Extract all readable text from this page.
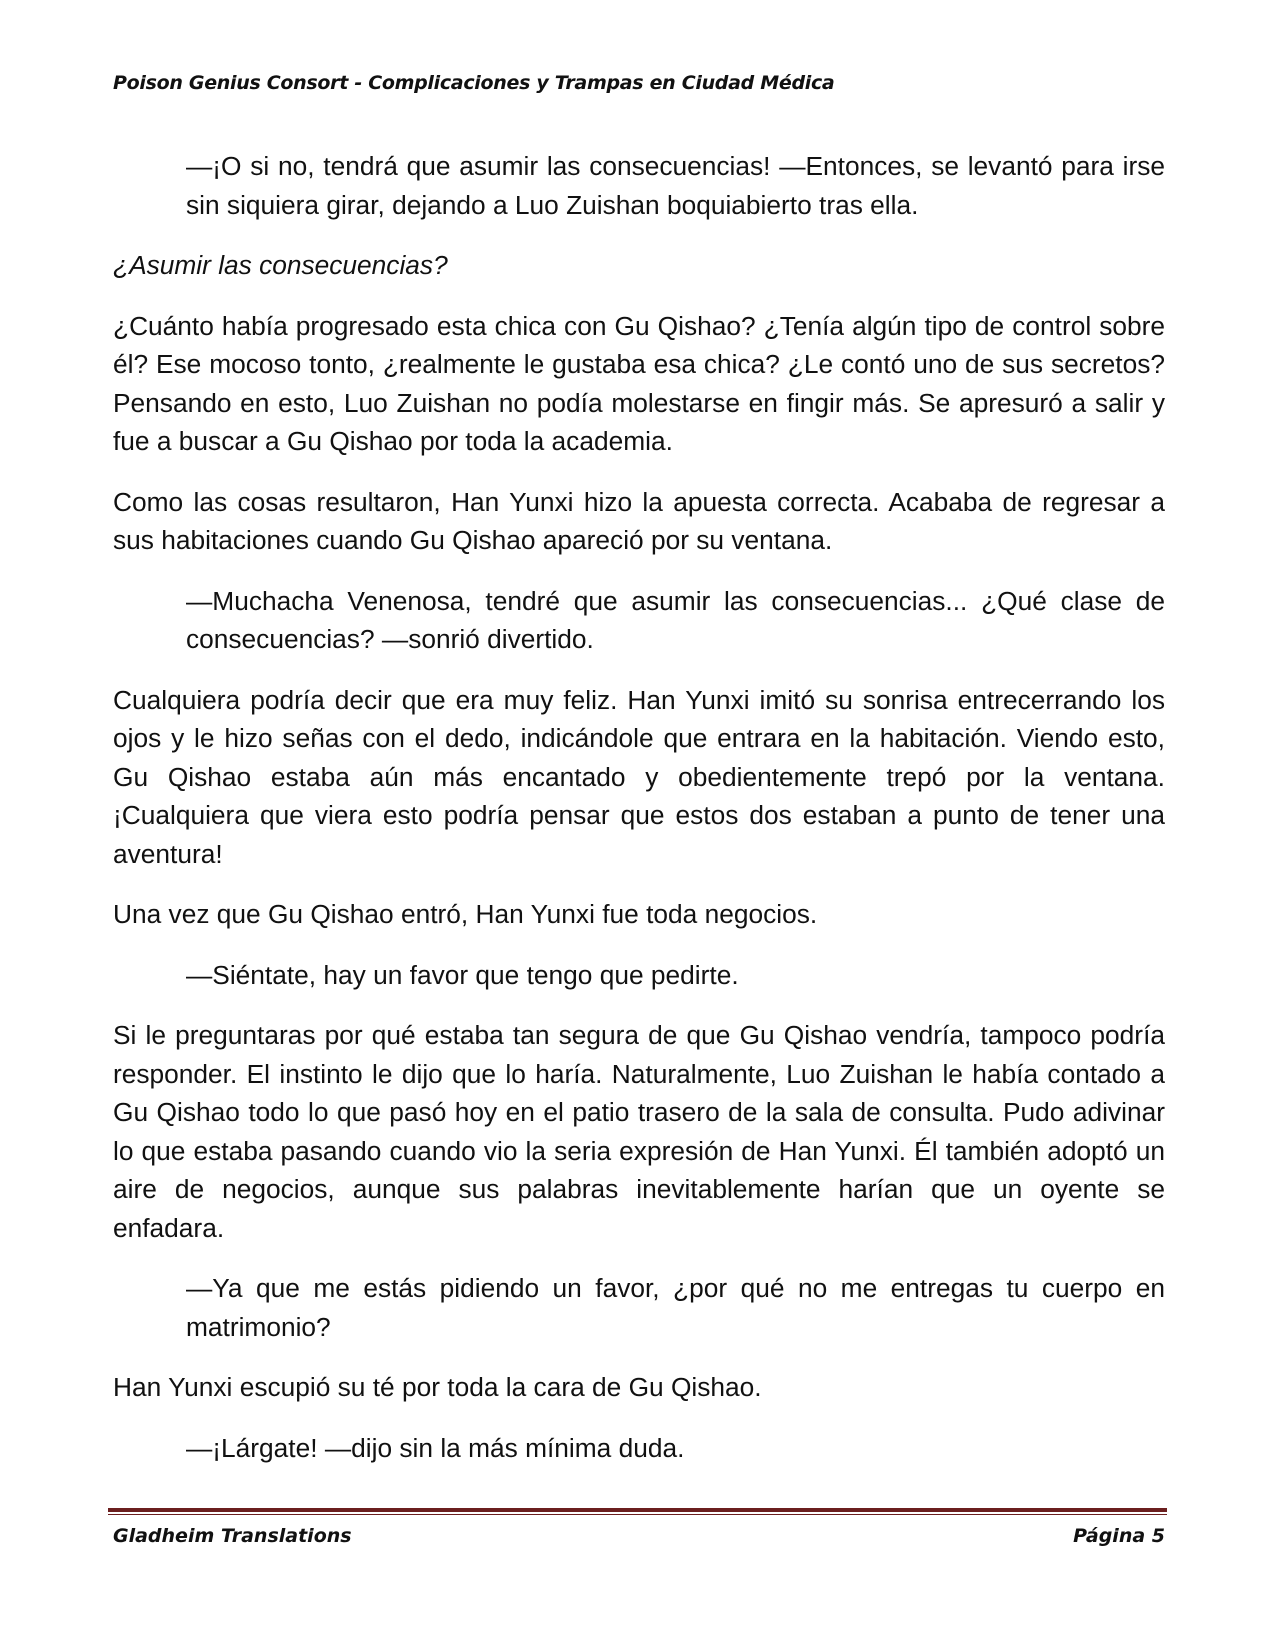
Poison Genius Consort - Complicaciones y Trampas en Ciudad Médica

—¡O si no, tendrá que asumir las consecuencias! —Entonces, se levantó para irse sin siquiera girar, dejando a Luo Zuishan boquiabierto tras ella.

¿Asumir las consecuencias?

¿Cuánto había progresado esta chica con Gu Qishao? ¿Tenía algún tipo de control sobre él? Ese mocoso tonto, ¿realmente le gustaba esa chica? ¿Le contó uno de sus secretos? Pensando en esto, Luo Zuishan no podía molestarse en fingir más. Se apresuró a salir y fue a buscar a Gu Qishao por toda la academia.

Como las cosas resultaron, Han Yunxi hizo la apuesta correcta. Acababa de regresar a sus habitaciones cuando Gu Qishao apareció por su ventana.

—Muchacha Venenosa, tendré que asumir las consecuencias... ¿Qué clase de consecuencias? —sonrió divertido.

Cualquiera podría decir que era muy feliz. Han Yunxi imitó su sonrisa entrecerrando los ojos y le hizo señas con el dedo, indicándole que entrara en la habitación. Viendo esto, Gu Qishao estaba aún más encantado y obedientemente trepó por la ventana. ¡Cualquiera que viera esto podría pensar que estos dos estaban a punto de tener una aventura!

Una vez que Gu Qishao entró, Han Yunxi fue toda negocios.

—Siéntate, hay un favor que tengo que pedirte.

Si le preguntaras por qué estaba tan segura de que Gu Qishao vendría, tampoco podría responder. El instinto le dijo que lo haría. Naturalmente, Luo Zuishan le había contado a Gu Qishao todo lo que pasó hoy en el patio trasero de la sala de consulta. Pudo adivinar lo que estaba pasando cuando vio la seria expresión de Han Yunxi. Él también adoptó un aire de negocios, aunque sus palabras inevitablemente harían que un oyente se enfadara.

—Ya que me estás pidiendo un favor, ¿por qué no me entregas tu cuerpo en matrimonio?

Han Yunxi escupió su té por toda la cara de Gu Qishao.

—¡Lárgate! —dijo sin la más mínima duda.

Gladheim Translations	Página 5
